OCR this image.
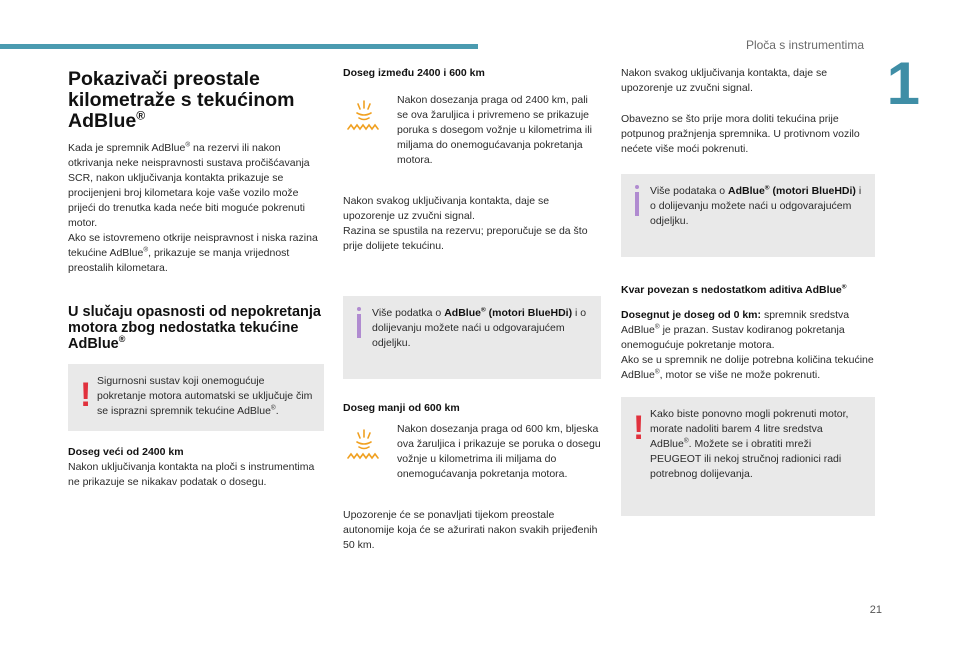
Ploča s instrumentima
1
21
Pokazivači preostale
kilometraže s tekućinom
AdBlue®

Kada je spremnik AdBlue® na rezervi ili nakon otkrivanja neke neispravnosti sustava pročišćavanja SCR, nakon uključivanja kontakta prikazuje se procijenjeni broj kilometara koje vaše vozilo može prijeći do trenutka kada neće biti moguće pokrenuti motor.
Ako se istovremeno otkrije neispravnost i niska razina tekućine AdBlue®, prikazuje se manja vrijednost preostalih kilometara.

U slučaju opasnosti od nepokretanja motora zbog nedostatka tekućine AdBlue®
! Sigurnosni sustav koji onemogućuje pokretanje motora automatski se uključuje čim se isprazni spremnik tekućine AdBlue®.

Doseg veći od 2400 km

Nakon uključivanja kontakta na ploči s instrumentima ne prikazuje se nikakav podatak o dosegu.

Doseg između 2400 i 600 km

Nakon dosezanja praga od 2400 km, pali se ova žaruljica i privremeno se prikazuje poruka s dosegom vožnje u kilometrima ili miljama do onemogućavanja pokretanja motora.

Nakon svakog uključivanja kontakta, daje se upozorenje uz zvučni signal.

Razina se spustila na rezervu; preporučuje se da što prije dolijete tekućinu.

Više podatka o AdBlue® (motori BlueHDi) i o dolijevanju možete naći u odgovarajućem odjeljku.

Doseg manji od 600 km

Nakon dosezanja praga od 600 km, bljeska ova žaruljica i prikazuje se poruka o dosegu vožnje u kilometrima ili miljama do onemogućavanja pokretanja motora.

Upozorenje će se ponavljati tijekom preostale autonomije koja će se ažurirati nakon svakih prijeđenih 50 km.

Nakon svakog uključivanja kontakta, daje se upozorenje uz zvučni signal.

Obavezno se što prije mora doliti tekućina prije potpunog pražnjenja spremnika. U protivnom vozilo nećete više moći pokrenuti.

Više podataka o AdBlue® (motori BlueHDi) i o dolijevanju možete naći u odgovarajućem odjeljku.

Kvar povezan s nedostatkom aditiva AdBlue®

Dosegnut je doseg od 0 km: spremnik sredstva AdBlue® je prazan. Sustav kodiranog pokretanja onemogućuje pokretanje motora.

Ako se u spremnik ne dolije potrebna količina tekućine AdBlue®, motor se više ne može pokrenuti.

! Kako biste ponovno mogli pokrenuti motor, morate nadoliti barem 4 litre sredstva AdBlue®. Možete se i obratiti mreži PEUGEOT ili nekoj stručnoj radionici radi potrebnog dolijevanja.
